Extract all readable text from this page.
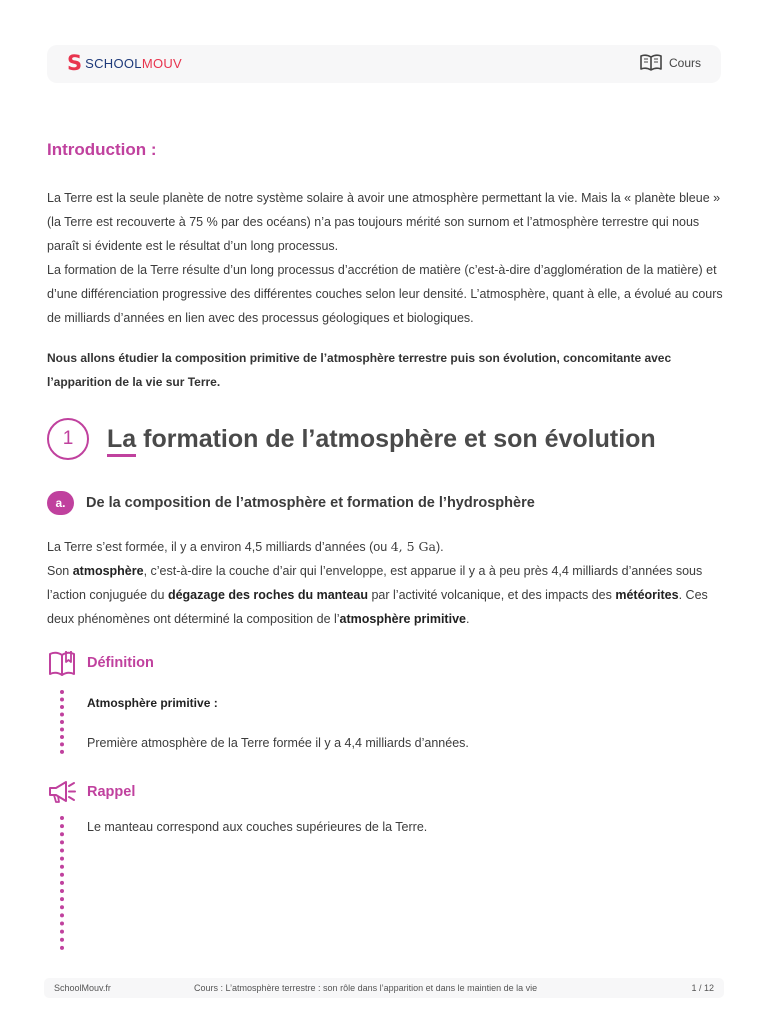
S SCHOOLMOUV	Cours
Introduction :

La Terre est la seule planète de notre système solaire à avoir une atmosphère permettant la vie. Mais la « planète bleue » (la Terre est recouverte à 75 % par des océans) n’a pas toujours mérité son surnom et l’atmosphère terrestre qui nous paraît si évidente est le résultat d’un long processus.

La formation de la Terre résulte d’un long processus d’accrétion de matière (c’est-à-dire d’agglomération de la matière) et d’une différenciation progressive des différentes couches selon leur densité. L’atmosphère, quant à elle, a évolué au cours de milliards d’années en lien avec des processus géologiques et biologiques.

Nous allons étudier la composition primitive de l’atmosphère terrestre puis son évolution, concomitante avec l’apparition de la vie sur Terre.

1	La formation de l’atmosphère et son évolution
a.	De la composition de l’atmosphère et formation de l’hydrosphère

La Terre s’est formée, il y a environ 4,5 milliards d’années (ou 4, 5 Ga).

Son atmosphère, c’est-à-dire la couche d’air qui l’enveloppe, est apparue il y a à peu près 4,4 milliards d’années sous l’action conjuguée du dégazage des roches du manteau par l’activité volcanique, et des impacts des météorites. Ces deux phénomènes ont déterminé la composition de l’atmosphère primitive.

Définition

Atmosphère primitive :

Première atmosphère de la Terre formée il y a 4,4 milliards d’années.

Rappel

Le manteau correspond aux couches supérieures de la Terre.

SchoolMouv.fr	Cours : L’atmosphère terrestre : son rôle dans l’apparition et dans le maintien de la vie	1 / 12
